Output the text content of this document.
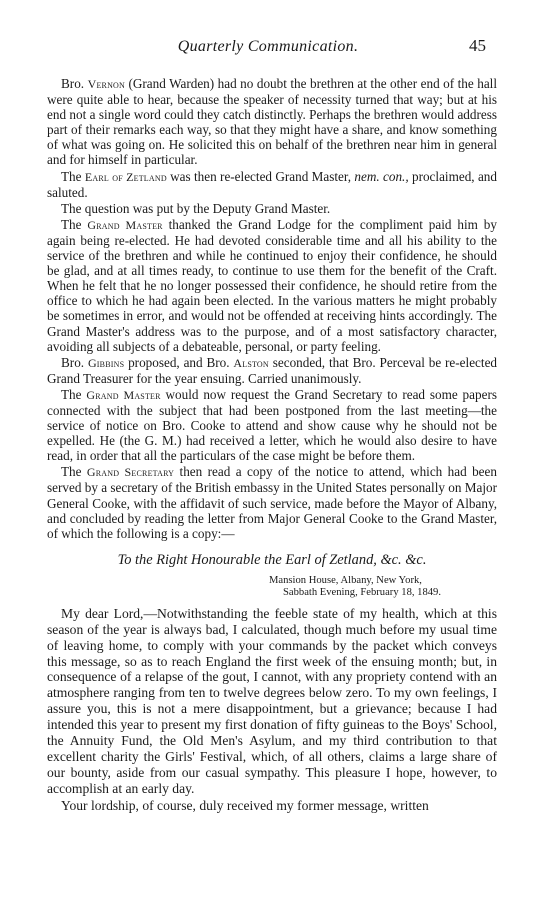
Quarterly Communication.	45

Bro. Vernon (Grand Warden) had no doubt the brethren at the other end of the hall were quite able to hear, because the speaker of necessity turned that way; but at his end not a single word could they catch distinctly. Perhaps the brethren would address part of their remarks each way, so that they might have a share, and know something of what was going on. He solicited this on behalf of the brethren near him in general and for himself in particular.

The Earl of Zetland was then re-elected Grand Master, nem. con., proclaimed, and saluted.

The question was put by the Deputy Grand Master.

The Grand Master thanked the Grand Lodge for the compliment paid him by again being re-elected. He had devoted considerable time and all his ability to the service of the brethren and while he continued to enjoy their confidence, he should be glad, and at all times ready, to continue to use them for the benefit of the Craft. When he felt that he no longer possessed their confidence, he should retire from the office to which he had again been elected. In the various matters he might probably be sometimes in error, and would not be offended at receiving hints accordingly. The Grand Master's address was to the purpose, and of a most satisfactory character, avoiding all subjects of a debateable, personal, or party feeling.

Bro. Gibbins proposed, and Bro. Alston seconded, that Bro. Perceval be re-elected Grand Treasurer for the year ensuing. Carried unanimously.

The Grand Master would now request the Grand Secretary to read some papers connected with the subject that had been postponed from the last meeting—the service of notice on Bro. Cooke to attend and show cause why he should not be expelled. He (the G. M.) had received a letter, which he would also desire to have read, in order that all the particulars of the case might be before them.

The Grand Secretary then read a copy of the notice to attend, which had been served by a secretary of the British embassy in the United States personally on Major General Cooke, with the affidavit of such service, made before the Mayor of Albany, and concluded by reading the letter from Major General Cooke to the Grand Master, of which the following is a copy:—

To the Right Honourable the Earl of Zetland, &c. &c.
Mansion House, Albany, New York,
Sabbath Evening, February 18, 1849.

My dear Lord,—Notwithstanding the feeble state of my health, which at this season of the year is always bad, I calculated, though much before my usual time of leaving home, to comply with your commands by the packet which conveys this message, so as to reach England the first week of the ensuing month; but, in consequence of a relapse of the gout, I cannot, with any propriety contend with an atmosphere ranging from ten to twelve degrees below zero. To my own feelings, I assure you, this is not a mere disappointment, but a grievance; because I had intended this year to present my first donation of fifty guineas to the Boys' School, the Annuity Fund, the Old Men's Asylum, and my third contribution to that excellent charity the Girls' Festival, which, of all others, claims a large share of our bounty, aside from our casual sympathy. This pleasure I hope, however, to accomplish at an early day.

Your lordship, of course, duly received my former message, written
